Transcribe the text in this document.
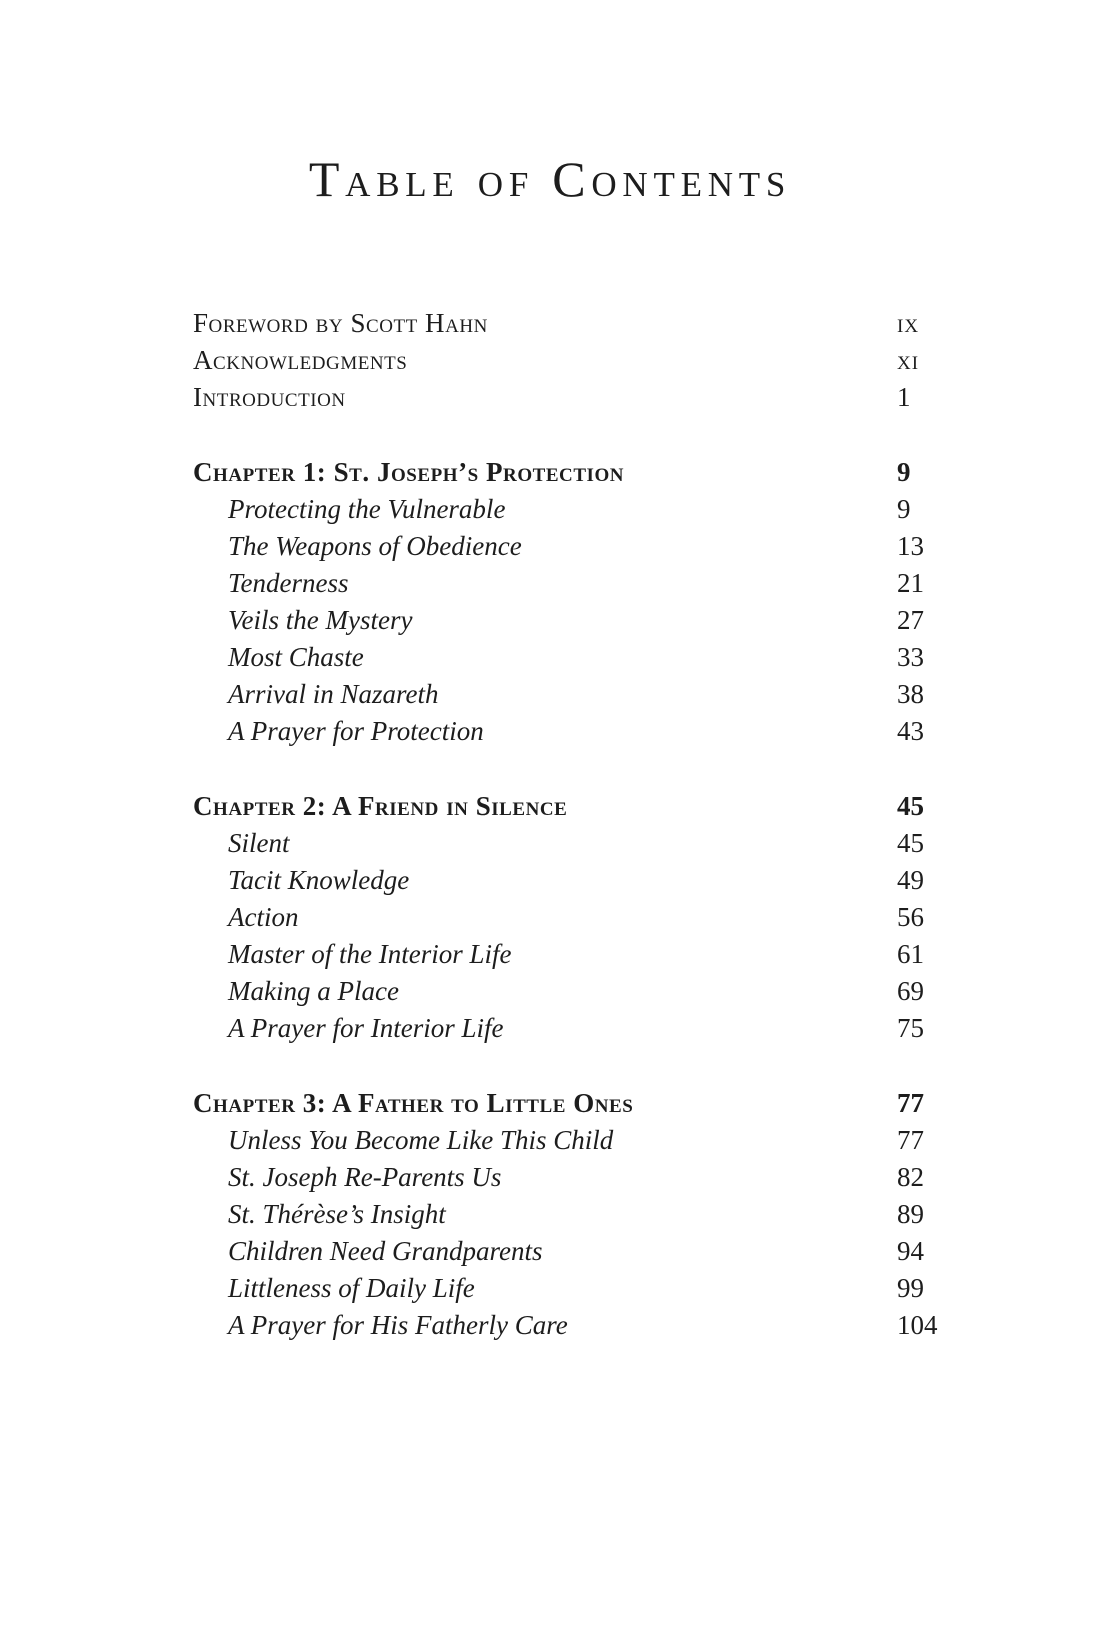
Table of Contents
Foreword by Scott Hahn	ix
Acknowledgments	xi
Introduction	1
Chapter 1: St. Joseph’s Protection	9
Protecting the Vulnerable	9
The Weapons of Obedience	13
Tenderness	21
Veils the Mystery	27
Most Chaste	33
Arrival in Nazareth	38
A Prayer for Protection	43
Chapter 2: A Friend in Silence	45
Silent	45
Tacit Knowledge	49
Action	56
Master of the Interior Life	61
Making a Place	69
A Prayer for Interior Life	75
Chapter 3: A Father to Little Ones	77
Unless You Become Like This Child	77
St. Joseph Re-Parents Us	82
St. Thérèse’s Insight	89
Children Need Grandparents	94
Littleness of Daily Life	99
A Prayer for His Fatherly Care	104
